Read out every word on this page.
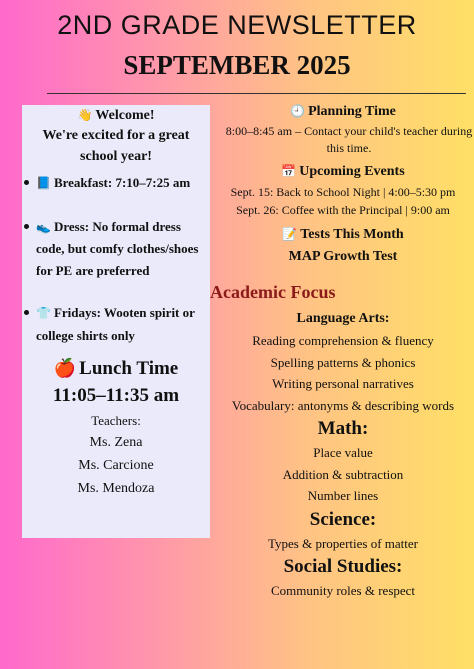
2ND GRADE NEWSLETTER
SEPTEMBER 2025
👋 Welcome!
We're excited for a great school year!
📘 Breakfast: 7:10–7:25 am
👟 Dress: No formal dress code, but comfy clothes/shoes for PE are preferred
👕 Fridays: Wooten spirit or college shirts only
🍎 Lunch Time
11:05–11:35 am
Teachers:
Ms. Zena
Ms. Carcione
Ms. Mendoza
🕘 Planning Time
8:00–8:45 am – Contact your child's teacher during this time.
📅 Upcoming Events
Sept. 15: Back to School Night | 4:00–5:30 pm
Sept. 26: Coffee with the Principal | 9:00 am
📝 Tests This Month
MAP Growth Test
Academic Focus
Language Arts:
Reading comprehension & fluency
Spelling patterns & phonics
Writing personal narratives
Vocabulary: antonyms & describing words
Math:
Place value
Addition & subtraction
Number lines
Science:
Types & properties of matter
Social Studies:
Community roles & respect
